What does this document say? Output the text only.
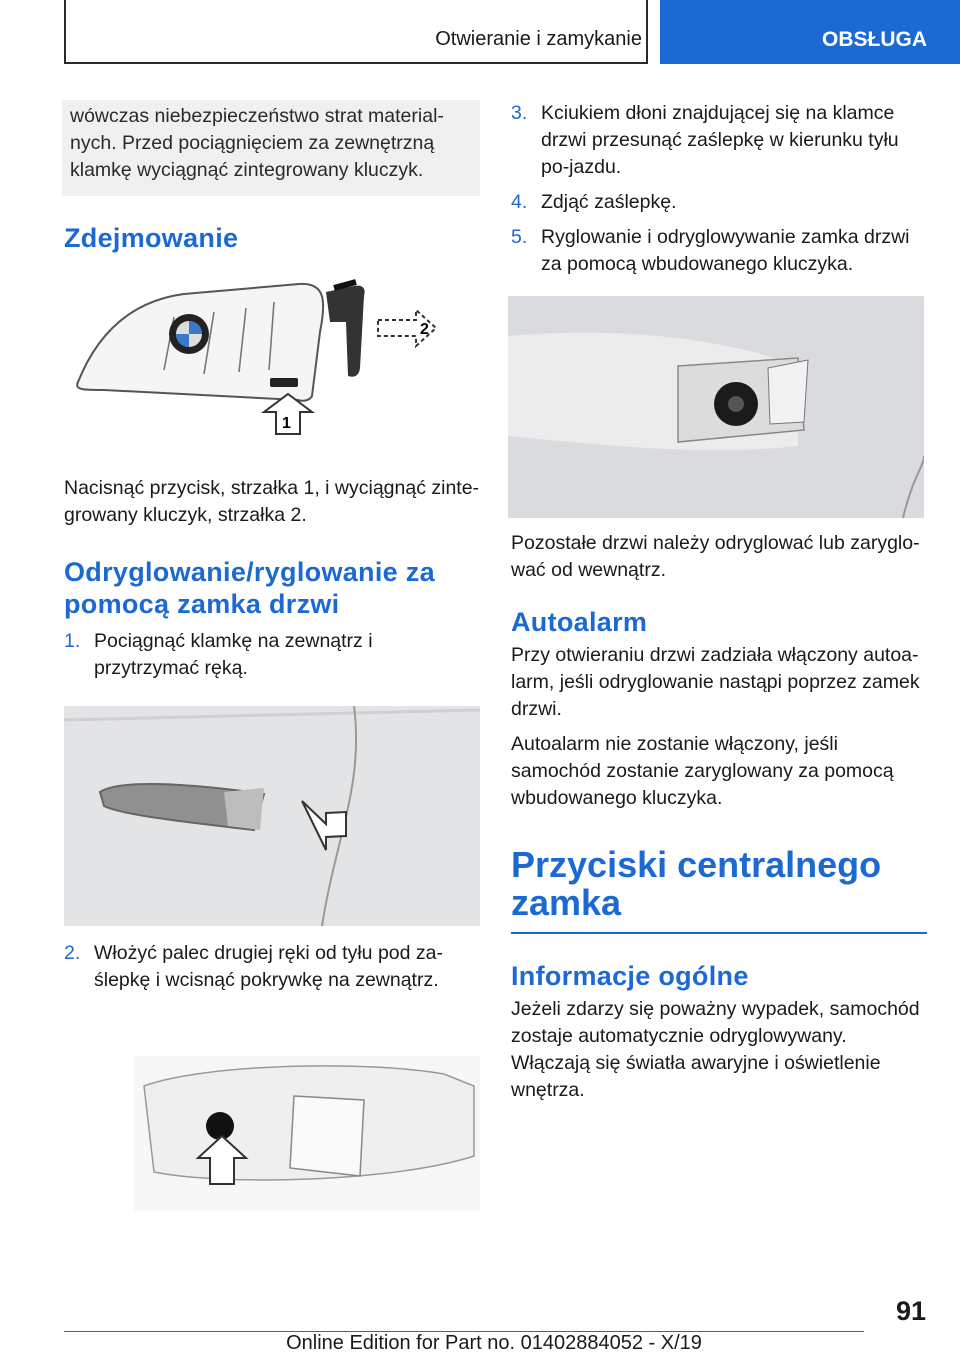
Otwieranie i zamykanie	OBSŁUGA
wówczas niebezpieczeństwo strat material-nych. Przed pociągnięciem za zewnętrzną klamkę wyciągnąć zintegrowany kluczyk.
Zdejmowanie
2
1

Nacisnąć przycisk, strzałka 1, i wyciągnąć zinte-growany kluczyk, strzałka 2.

Odryglowanie/ryglowanie za pomocą zamka drzwi
1. Pociągnąć klamkę na zewnątrz i przytrzymać ręką.
2. Włożyć palec drugiej ręki od tyłu pod za-ślepkę i wcisnąć pokrywkę na zewnątrz.
3. Kciukiem dłoni znajdującej się na klamce drzwi przesunąć zaślepkę w kierunku tyłu po-jazdu.
4. Zdjąć zaślepkę.
5. Ryglowanie i odryglowywanie zamka drzwi za pomocą wbudowanego kluczyka.

Pozostałe drzwi należy odryglować lub zaryglo-wać od wewnątrz.

Autoalarm

Przy otwieraniu drzwi zadziała włączony autoa-larm, jeśli odryglowanie nastąpi poprzez zamek drzwi.

Autoalarm nie zostanie włączony, jeśli samochód zostanie zaryglowany za pomocą wbudowanego kluczyka.

Przyciski centralnego zamka
Informacje ogólne

Jeżeli zdarzy się poważny wypadek, samochód zostaje automatycznie odryglowywany. Włączają się światła awaryjne i oświetlenie wnętrza.

91
Online Edition for Part no. 01402884052 - X/19
